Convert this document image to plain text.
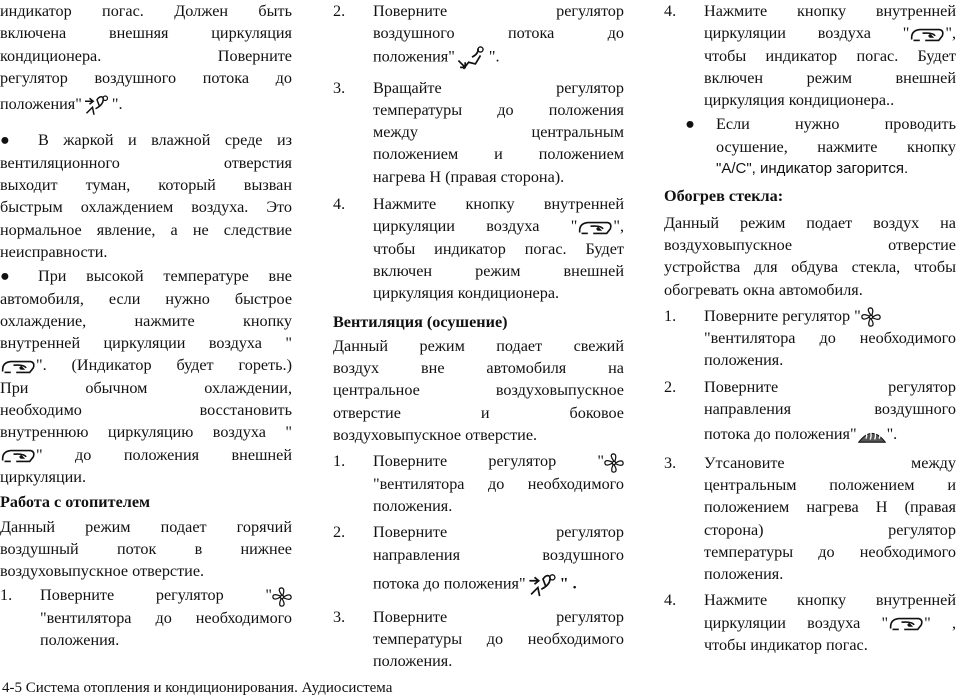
индикатор погас. Должен быть

включена внешняя циркуляция

кондиционера. Поверните

регулятор воздушного потока до

положения" ".

● В жаркой и влажной среде из

вентиляционного отверстия

выходит туман, который вызван

быстрым охлаждением воздуха. Это

нормальное явление, а не следствие

неисправности.

● При высокой температуре вне

автомобиля, если нужно быстрое

охлаждение, нажмите кнопку

внутренней циркуляции воздуха "

". (Индикатор будет гореть.)

При обычном охлаждении,

необходимо восстановить

внутреннюю циркуляцию воздуха "

" до положения внешней

циркуляции.

Работа с отопителем

Данный режим подает горячий

воздушный поток в нижнее

воздуховыпускное отверстие.

1.	Поверните регулятор "

"вентилятора до необходимого

положения.

2.	Поверните регулятор

воздушного потока до

положения" ".

3.	Вращайте регулятор

температуры до положения

между центральным

положением и положением

нагрева H (правая сторона).

4.	Нажмите кнопку внутренней

циркуляции воздуха " ",

чтобы индикатор погас. Будет

включен режим внешней

циркуляция кондиционера.

Вентиляция (осушение)

Данный режим подает свежий

воздух вне автомобиля на

центральное воздуховыпускное

отверстие и боковое

воздуховыпускное отверстие.

1.	Поверните регулятор "

"вентилятора до необходимого

положения.

2.	Поверните регулятор

направления воздушного

потока до положения" " .

3.	Поверните регулятор

температуры до необходимого

положения.

4.	Нажмите кнопку внутренней

циркуляции воздуха " ",

чтобы индикатор погас. Будет

включен режим внешней

циркуляция кондиционера..

●	Если нужно проводить

осушение, нажмите кнопку

"A/C", индикатор загорится.

Обогрев стекла:

Данный режим подает воздух на

воздуховыпускное отверстие

устройства для обдува стекла, чтобы

обогревать окна автомобиля.

1.	Поверните регулятор "

"вентилятора до необходимого

положения.

2.	Поверните регулятор

направления воздушного

потока до положения" ".

3.	Утсановите между

центральным положением и

положением нагрева H (правая

сторона) регулятор

температуры до необходимого

положения.

4.	Нажмите кнопку внутренней

циркуляции воздуха " " ,

чтобы индикатор погас.

4-5 Система отопления и кондиционирования. Аудиосистема
